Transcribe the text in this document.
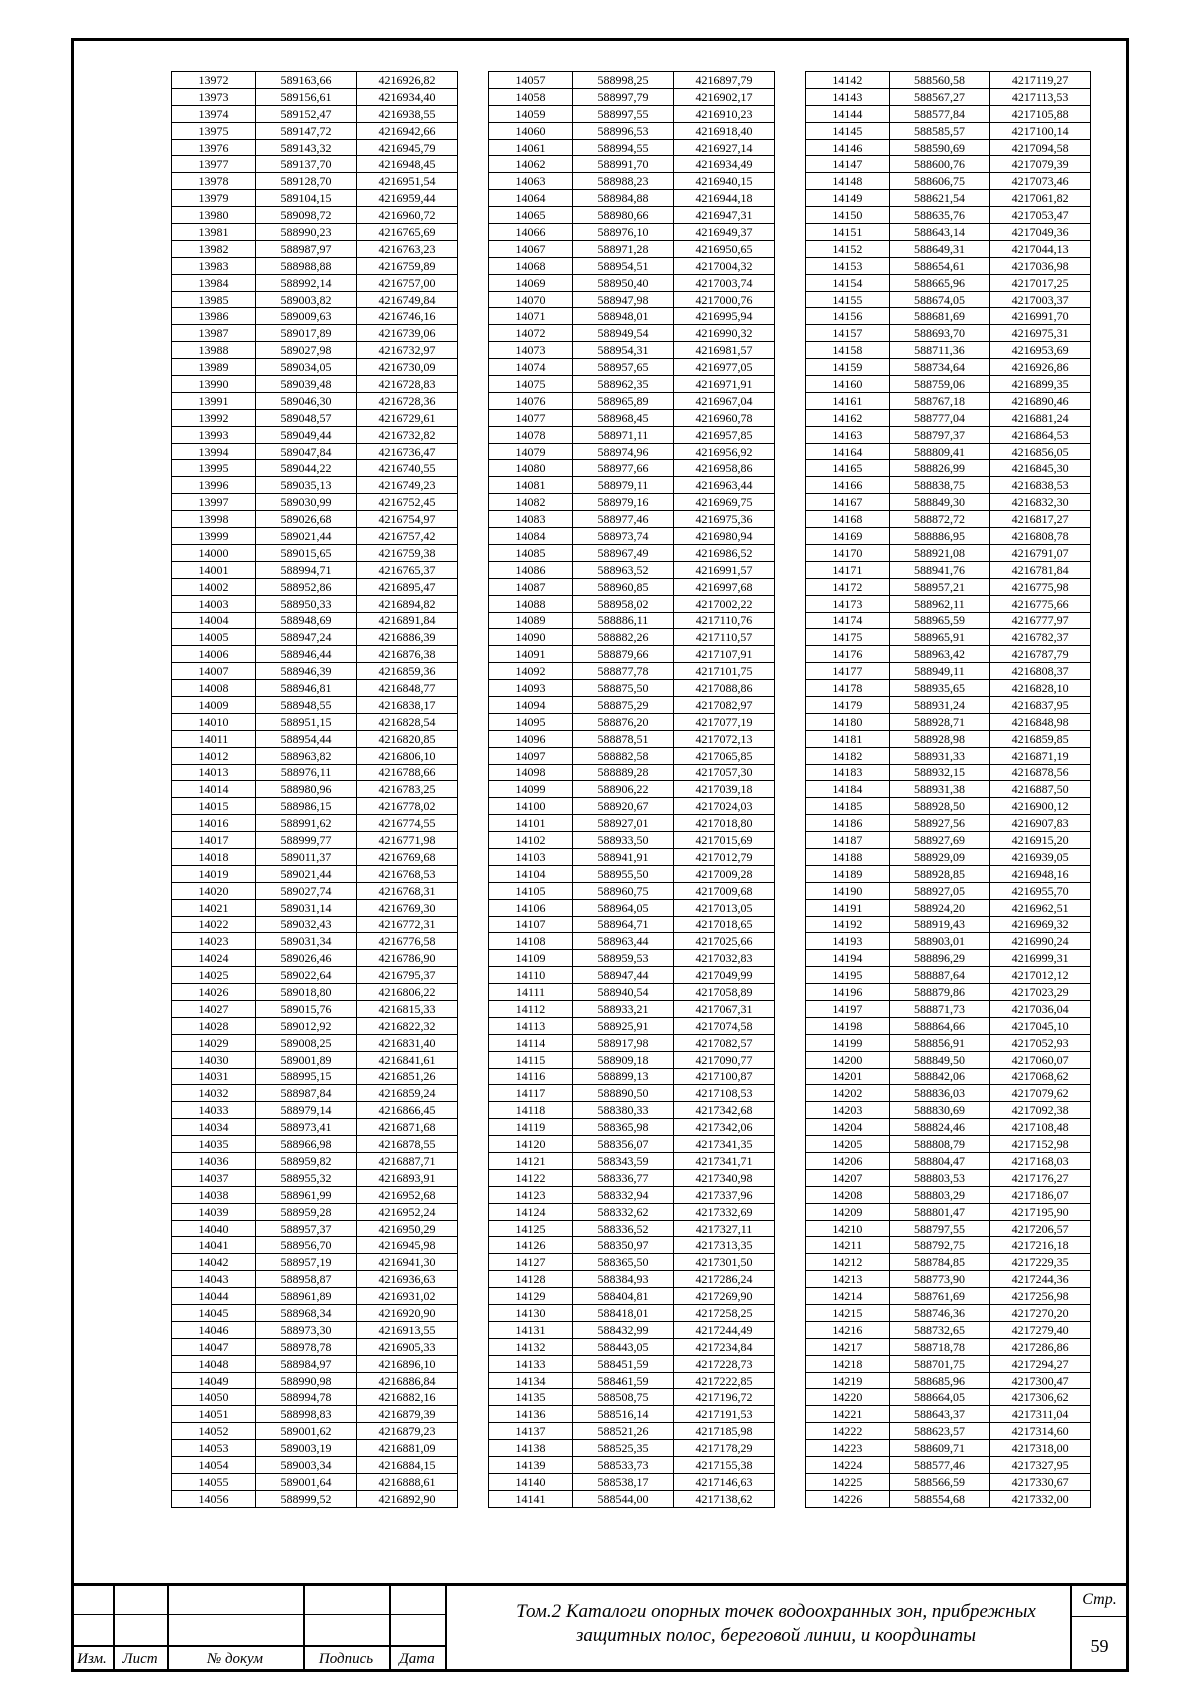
13972	589163,66	4216926,82
13973	589156,61	4216934,40
13974	589152,47	4216938,55
13975	589147,72	4216942,66
13976	589143,32	4216945,79
13977	589137,70	4216948,45
13978	589128,70	4216951,54
13979	589104,15	4216959,44
13980	589098,72	4216960,72
13981	588990,23	4216765,69
13982	588987,97	4216763,23
13983	588988,88	4216759,89
13984	588992,14	4216757,00
13985	589003,82	4216749,84
13986	589009,63	4216746,16
13987	589017,89	4216739,06
13988	589027,98	4216732,97
13989	589034,05	4216730,09
13990	589039,48	4216728,83
13991	589046,30	4216728,36
13992	589048,57	4216729,61
13993	589049,44	4216732,82
13994	589047,84	4216736,47
13995	589044,22	4216740,55
13996	589035,13	4216749,23
13997	589030,99	4216752,45
13998	589026,68	4216754,97
13999	589021,44	4216757,42
14000	589015,65	4216759,38
14001	588994,71	4216765,37
14002	588952,86	4216895,47
14003	588950,33	4216894,82
14004	588948,69	4216891,84
14005	588947,24	4216886,39
14006	588946,44	4216876,38
14007	588946,39	4216859,36
14008	588946,81	4216848,77
14009	588948,55	4216838,17
14010	588951,15	4216828,54
14011	588954,44	4216820,85
14012	588963,82	4216806,10
14013	588976,11	4216788,66
14014	588980,96	4216783,25
14015	588986,15	4216778,02
14016	588991,62	4216774,55
14017	588999,77	4216771,98
14018	589011,37	4216769,68
14019	589021,44	4216768,53
14020	589027,74	4216768,31
14021	589031,14	4216769,30
14022	589032,43	4216772,31
14023	589031,34	4216776,58
14024	589026,46	4216786,90
14025	589022,64	4216795,37
14026	589018,80	4216806,22
14027	589015,76	4216815,33
14028	589012,92	4216822,32
14029	589008,25	4216831,40
14030	589001,89	4216841,61
14031	588995,15	4216851,26
14032	588987,84	4216859,24
14033	588979,14	4216866,45
14034	588973,41	4216871,68
14035	588966,98	4216878,55
14036	588959,82	4216887,71
14037	588955,32	4216893,91
14038	588961,99	4216952,68
14039	588959,28	4216952,24
14040	588957,37	4216950,29
14041	588956,70	4216945,98
14042	588957,19	4216941,30
14043	588958,87	4216936,63
14044	588961,89	4216931,02
14045	588968,34	4216920,90
14046	588973,30	4216913,55
14047	588978,78	4216905,33
14048	588984,97	4216896,10
14049	588990,98	4216886,84
14050	588994,78	4216882,16
14051	588998,83	4216879,39
14052	589001,62	4216879,23
14053	589003,19	4216881,09
14054	589003,34	4216884,15
14055	589001,64	4216888,61
14056	588999,52	4216892,90
14057	588998,25	4216897,79
14058	588997,79	4216902,17
14059	588997,55	4216910,23
14060	588996,53	4216918,40
14061	588994,55	4216927,14
14062	588991,70	4216934,49
14063	588988,23	4216940,15
14064	588984,88	4216944,18
14065	588980,66	4216947,31
14066	588976,10	4216949,37
14067	588971,28	4216950,65
14068	588954,51	4217004,32
14069	588950,40	4217003,74
14070	588947,98	4217000,76
14071	588948,01	4216995,94
14072	588949,54	4216990,32
14073	588954,31	4216981,57
14074	588957,65	4216977,05
14075	588962,35	4216971,91
14076	588965,89	4216967,04
14077	588968,45	4216960,78
14078	588971,11	4216957,85
14079	588974,96	4216956,92
14080	588977,66	4216958,86
14081	588979,11	4216963,44
14082	588979,16	4216969,75
14083	588977,46	4216975,36
14084	588973,74	4216980,94
14085	588967,49	4216986,52
14086	588963,52	4216991,57
14087	588960,85	4216997,68
14088	588958,02	4217002,22
14089	588886,11	4217110,76
14090	588882,26	4217110,57
14091	588879,66	4217107,91
14092	588877,78	4217101,75
14093	588875,50	4217088,86
14094	588875,29	4217082,97
14095	588876,20	4217077,19
14096	588878,51	4217072,13
14097	588882,58	4217065,85
14098	588889,28	4217057,30
14099	588906,22	4217039,18
14100	588920,67	4217024,03
14101	588927,01	4217018,80
14102	588933,50	4217015,69
14103	588941,91	4217012,79
14104	588955,50	4217009,28
14105	588960,75	4217009,68
14106	588964,05	4217013,05
14107	588964,71	4217018,65
14108	588963,44	4217025,66
14109	588959,53	4217032,83
14110	588947,44	4217049,99
14111	588940,54	4217058,89
14112	588933,21	4217067,31
14113	588925,91	4217074,58
14114	588917,98	4217082,57
14115	588909,18	4217090,77
14116	588899,13	4217100,87
14117	588890,50	4217108,53
14118	588380,33	4217342,68
14119	588365,98	4217342,06
14120	588356,07	4217341,35
14121	588343,59	4217341,71
14122	588336,77	4217340,98
14123	588332,94	4217337,96
14124	588332,62	4217332,69
14125	588336,52	4217327,11
14126	588350,97	4217313,35
14127	588365,50	4217301,50
14128	588384,93	4217286,24
14129	588404,81	4217269,90
14130	588418,01	4217258,25
14131	588432,99	4217244,49
14132	588443,05	4217234,84
14133	588451,59	4217228,73
14134	588461,59	4217222,85
14135	588508,75	4217196,72
14136	588516,14	4217191,53
14137	588521,26	4217185,98
14138	588525,35	4217178,29
14139	588533,73	4217155,38
14140	588538,17	4217146,63
14141	588544,00	4217138,62
14142	588560,58	4217119,27
14143	588567,27	4217113,53
14144	588577,84	4217105,88
14145	588585,57	4217100,14
14146	588590,69	4217094,58
14147	588600,76	4217079,39
14148	588606,75	4217073,46
14149	588621,54	4217061,82
14150	588635,76	4217053,47
14151	588643,14	4217049,36
14152	588649,31	4217044,13
14153	588654,61	4217036,98
14154	588665,96	4217017,25
14155	588674,05	4217003,37
14156	588681,69	4216991,70
14157	588693,70	4216975,31
14158	588711,36	4216953,69
14159	588734,64	4216926,86
14160	588759,06	4216899,35
14161	588767,18	4216890,46
14162	588777,04	4216881,24
14163	588797,37	4216864,53
14164	588809,41	4216856,05
14165	588826,99	4216845,30
14166	588838,75	4216838,53
14167	588849,30	4216832,30
14168	588872,72	4216817,27
14169	588886,95	4216808,78
14170	588921,08	4216791,07
14171	588941,76	4216781,84
14172	588957,21	4216775,98
14173	588962,11	4216775,66
14174	588965,59	4216777,97
14175	588965,91	4216782,37
14176	588963,42	4216787,79
14177	588949,11	4216808,37
14178	588935,65	4216828,10
14179	588931,24	4216837,95
14180	588928,71	4216848,98
14181	588928,98	4216859,85
14182	588931,33	4216871,19
14183	588932,15	4216878,56
14184	588931,38	4216887,50
14185	588928,50	4216900,12
14186	588927,56	4216907,83
14187	588927,69	4216915,20
14188	588929,09	4216939,05
14189	588928,85	4216948,16
14190	588927,05	4216955,70
14191	588924,20	4216962,51
14192	588919,43	4216969,32
14193	588903,01	4216990,24
14194	588896,29	4216999,31
14195	588887,64	4217012,12
14196	588879,86	4217023,29
14197	588871,73	4217036,04
14198	588864,66	4217045,10
14199	588856,91	4217052,93
14200	588849,50	4217060,07
14201	588842,06	4217068,62
14202	588836,03	4217079,62
14203	588830,69	4217092,38
14204	588824,46	4217108,48
14205	588808,79	4217152,98
14206	588804,47	4217168,03
14207	588803,53	4217176,27
14208	588803,29	4217186,07
14209	588801,47	4217195,90
14210	588797,55	4217206,57
14211	588792,75	4217216,18
14212	588784,85	4217229,35
14213	588773,90	4217244,36
14214	588761,69	4217256,98
14215	588746,36	4217270,20
14216	588732,65	4217279,40
14217	588718,78	4217286,86
14218	588701,75	4217294,27
14219	588685,96	4217300,47
14220	588664,05	4217306,62
14221	588643,37	4217311,04
14222	588623,57	4217314,60
14223	588609,71	4217318,00
14224	588577,46	4217327,95
14225	588566,59	4217330,67
14226	588554,68	4217332,00
Изм.	Лист	№ докум	Подпись	Дата
Том.2 Каталоги опорных точек водоохранных зон, прибрежных
защитных полос, береговой линии, и координаты
Стр.
59
